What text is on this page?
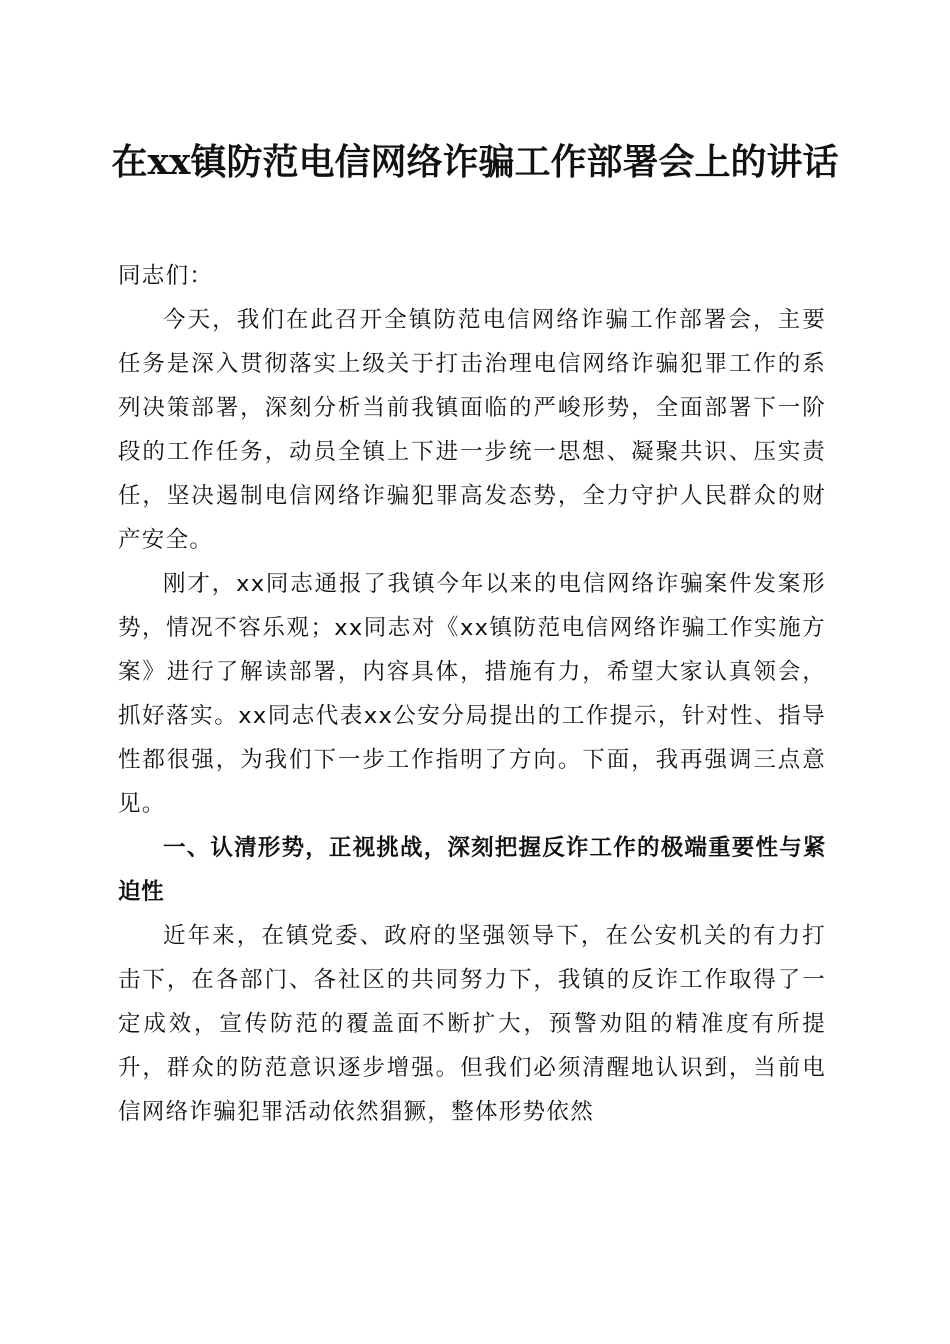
在xx镇防范电信网络诈骗工作部署会上的讲话

同志们：

今天，我们在此召开全镇防范电信网络诈骗工作部署会，主要任务是深入贯彻落实上级关于打击治理电信网络诈骗犯罪工作的系列决策部署，深刻分析当前我镇面临的严峻形势，全面部署下一阶段的工作任务，动员全镇上下进一步统一思想、凝聚共识、压实责任，坚决遏制电信网络诈骗犯罪高发态势，全力守护人民群众的财产安全。

刚才，xx同志通报了我镇今年以来的电信网络诈骗案件发案形势，情况不容乐观；xx同志对《xx镇防范电信网络诈骗工作实施方案》进行了解读部署，内容具体，措施有力，希望大家认真领会，抓好落实。xx同志代表xx公安分局提出的工作提示，针对性、指导性都很强，为我们下一步工作指明了方向。下面，我再强调三点意见。

一、认清形势，正视挑战，深刻把握反诈工作的极端重要性与紧迫性

近年来，在镇党委、政府的坚强领导下，在公安机关的有力打击下，在各部门、各社区的共同努力下，我镇的反诈工作取得了一定成效，宣传防范的覆盖面不断扩大，预警劝阻的精准度有所提升，群众的防范意识逐步增强。但我们必须清醒地认识到，当前电信网络诈骗犯罪活动依然猖獗，整体形势依然
